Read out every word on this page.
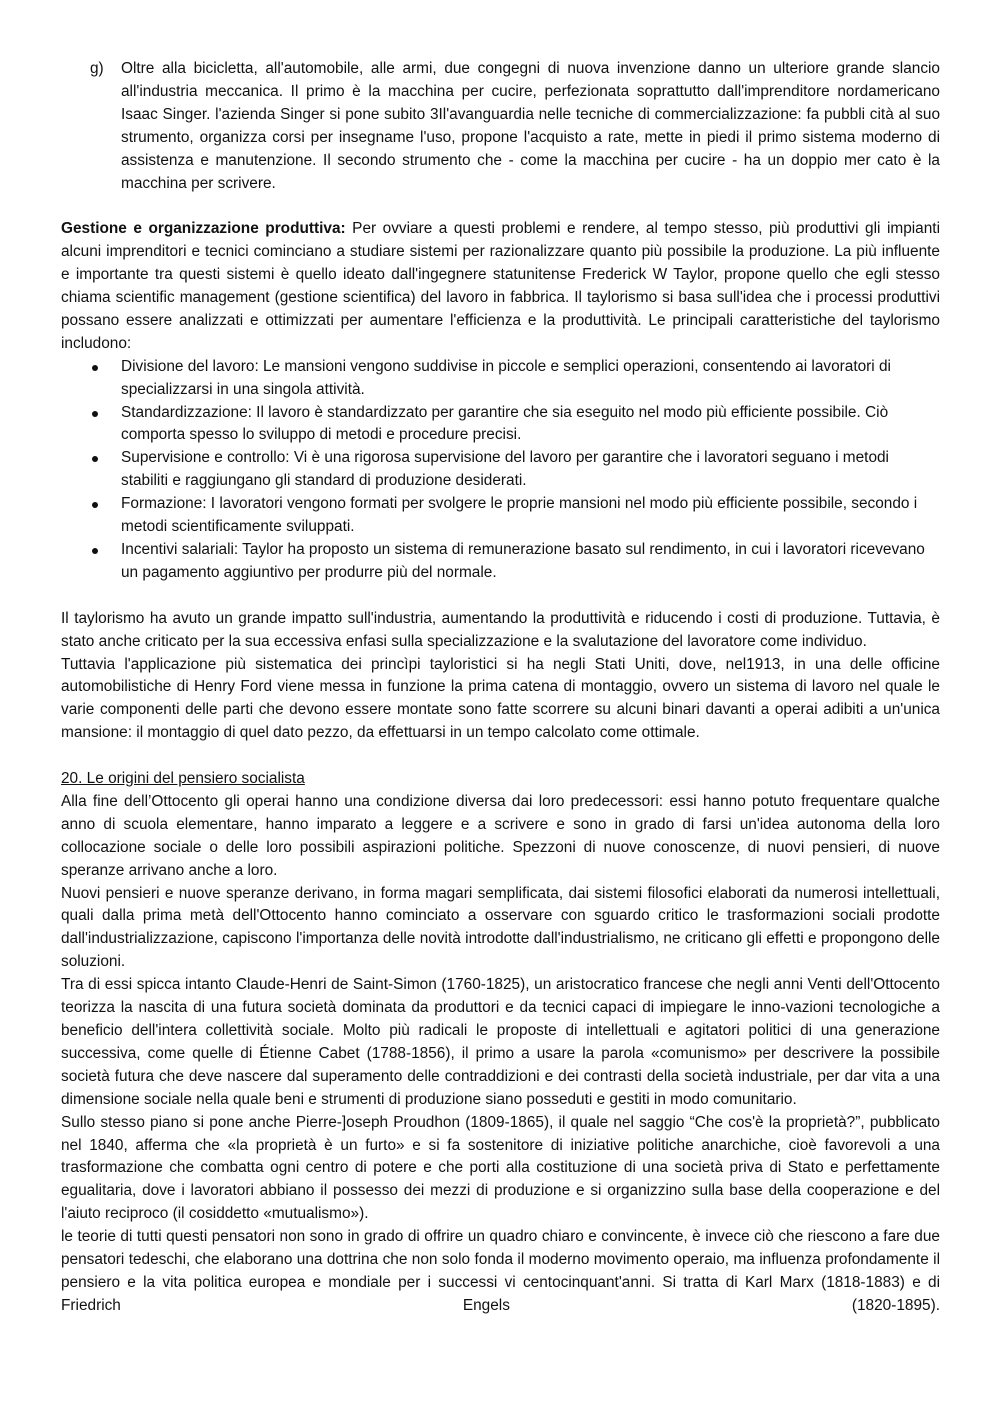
g)	Oltre alla bicicletta, all'automobile, alle armi, due congegni di nuova invenzione danno un ulteriore grande slancio all'industria meccanica. Il primo è la macchina per cucire, perfezionata soprattutto dall'imprenditore nordamericano Isaac Singer. l'azienda Singer si pone subito 3Il'avanguardia nelle tecniche di commercializzazione: fa pubbli cità al suo strumento, organizza corsi per insegname l'uso, propone l'acquisto a rate, mette in piedi il primo sistema moderno di assistenza e manutenzione. Il secondo strumento che - come la macchina per cucire - ha un doppio mer cato è la macchina per scrivere.

Gestione e organizzazione produttiva: Per ovviare a questi problemi e rendere, al tempo stesso, più produttivi gli impianti alcuni imprenditori e tecnici cominciano a studiare sistemi per razionalizzare quanto più possibile la produzione. La più influente e importante tra questi sistemi è quello ideato dall'ingegnere statunitense Frederick W Taylor, propone quello che egli stesso chiama scientific management (gestione scientifica) del lavoro in fabbrica. Il taylorismo si basa sull'idea che i processi produttivi possano essere analizzati e ottimizzati per aumentare l'efficienza e la produttività. Le principali caratteristiche del taylorismo includono:

Divisione del lavoro: Le mansioni vengono suddivise in piccole e semplici operazioni, consentendo ai lavoratori di specializzarsi in una singola attività.
Standardizzazione: Il lavoro è standardizzato per garantire che sia eseguito nel modo più efficiente possibile. Ciò comporta spesso lo sviluppo di metodi e procedure precisi.
Supervisione e controllo: Vi è una rigorosa supervisione del lavoro per garantire che i lavoratori seguano i metodi stabiliti e raggiungano gli standard di produzione desiderati.
Formazione: I lavoratori vengono formati per svolgere le proprie mansioni nel modo più efficiente possibile, secondo i metodi scientificamente sviluppati.
Incentivi salariali: Taylor ha proposto un sistema di remunerazione basato sul rendimento, in cui i lavoratori ricevevano un pagamento aggiuntivo per produrre più del normale.

Il taylorismo ha avuto un grande impatto sull'industria, aumentando la produttività e riducendo i costi di produzione. Tuttavia, è stato anche criticato per la sua eccessiva enfasi sulla specializzazione e la svalutazione del lavoratore come individuo.

Tuttavia l'applicazione più sistematica dei princìpi tayloristici si ha negli Stati Uniti, dove, nel1913, in una delle officine automobilistiche di Henry Ford viene messa in funzione la prima catena di montaggio, ovvero un sistema di lavoro nel quale le varie componenti delle parti che devono essere montate sono fatte scorrere su alcuni binari davanti a operai adibiti a un'unica mansione: il montaggio di quel dato pezzo, da effettuarsi in un tempo calcolato come ottimale.

20. Le origini del pensiero socialista

Alla fine dell’Ottocento gli operai hanno una condizione diversa dai loro predecessori: essi hanno potuto frequentare qualche anno di scuola elementare, hanno imparato a leggere e a scrivere e sono in grado di farsi un'idea autonoma della loro collocazione sociale o delle loro possibili aspirazioni politiche. Spezzoni di nuove conoscenze, di nuovi pensieri, di nuove speranze arrivano anche a loro.

Nuovi pensieri e nuove speranze derivano, in forma magari semplificata, dai sistemi filosofici elaborati da numerosi intellettuali, quali dalla prima metà dell'Ottocento hanno cominciato a osservare con sguardo critico le trasformazioni sociali prodotte dall'industrializzazione, capiscono l'importanza delle novità introdotte dall'industrialismo, ne criticano gli effetti e propongono delle soluzioni.

Tra di essi spicca intanto Claude-Henri de Saint-Simon (1760-1825), un aristocratico francese che negli anni Venti dell'Ottocento teorizza la nascita di una futura società dominata da produttori e da tecnici capaci di impiegare le inno-vazioni tecnologiche a beneficio dell'intera collettività sociale. Molto più radicali le proposte di intellettuali e agitatori politici di una generazione successiva, come quelle di Étienne Cabet (1788-1856), il primo a usare la parola «comunismo» per descrivere la possibile società futura che deve nascere dal superamento delle contraddizioni e dei contrasti della società industriale, per dar vita a una dimensione sociale nella quale beni e strumenti di produzione siano posseduti e gestiti in modo comunitario.

Sullo stesso piano si pone anche Pierre-]oseph Proudhon (1809-1865), il quale nel saggio “Che cos'è la proprietà?”, pubblicato nel 1840, afferma che «la proprietà è un furto» e si fa sostenitore di iniziative politiche anarchiche, cioè favorevoli a una trasformazione che combatta ogni centro di potere e che porti alla costituzione di una società priva di Stato e perfettamente egualitaria, dove i lavoratori abbiano il possesso dei mezzi di produzione e si organizzino sulla base della cooperazione e del l'aiuto reciproco (il cosiddetto «mutualismo»).

le teorie di tutti questi pensatori non sono in grado di offrire un quadro chiaro e convincente, è invece ciò che riescono a fare due pensatori tedeschi, che elaborano una dottrina che non solo fonda il moderno movimento operaio, ma influenza profondamente il pensiero e la vita politica europea e mondiale per i successi vi centocinquant'anni. Si tratta di Karl Marx (1818-1883) e di Friedrich Engels (1820-1895).
